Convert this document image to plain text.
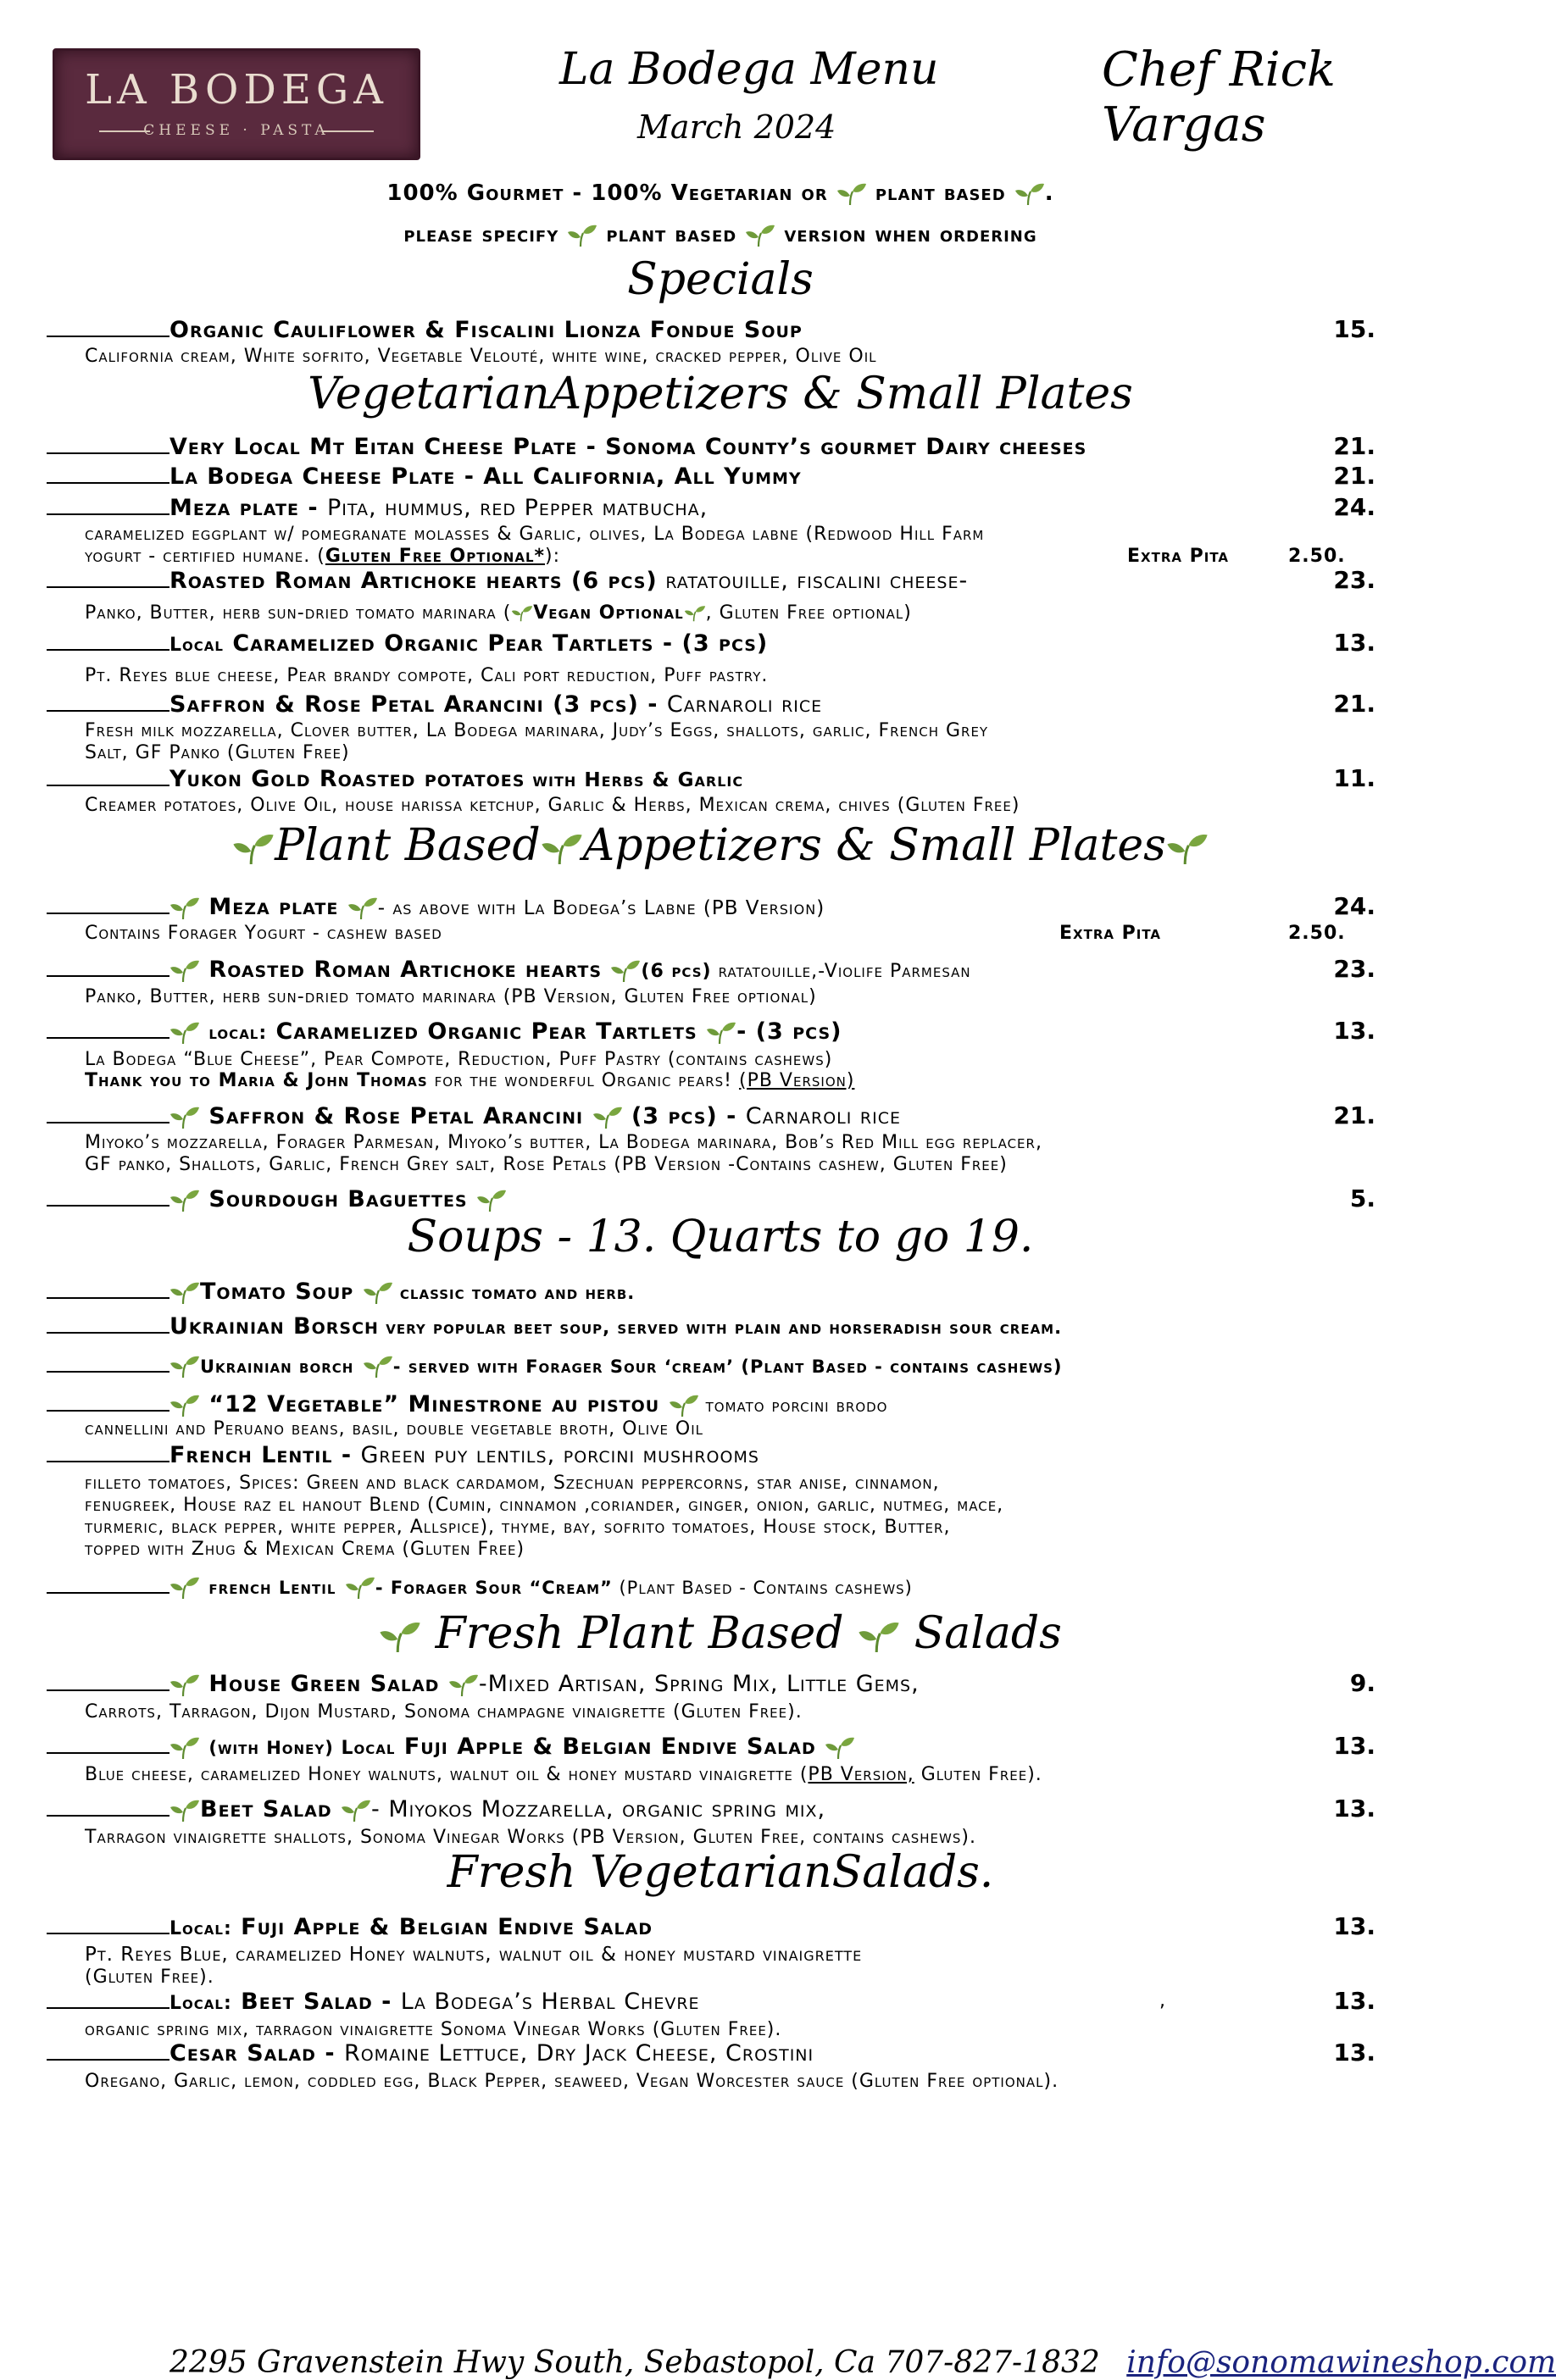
LA BODEGA
CHEESE · PASTA
La Bodega Menu
March 2024
Chef Rick Vargas
100% Gourmet - 100% Vegetarian or plant based .
please specify plant based version when ordering
Specials
Organic Cauliflower & Fiscalini Lionza Fondue Soup	15.
California cream, White sofrito, Vegetable Velouté, white wine, cracked pepper, Olive Oil
VegetarianAppetizers & Small Plates
Very Local Mt Eitan Cheese Plate - Sonoma County’s gourmet Dairy cheeses	21.
La Bodega Cheese Plate - All California, All Yummy	21.
Meza plate - Pita, hummus, red Pepper matbucha,	24.
caramelized eggplant w/ pomegranate molasses & Garlic, olives, La Bodega labne (Redwood Hill Farm
yogurt - certified humane. (Gluten Free Optional*):	Extra Pita	2.50.
Roasted Roman Artichoke hearts (6 pcs) ratatouille, fiscalini cheese-	23.
Panko, Butter, herb sun-dried tomato marinara ( Vegan Optional , Gluten Free optional)
Local Caramelized Organic Pear Tartlets - (3 pcs)	13.
Pt. Reyes blue cheese, Pear brandy compote, Cali port reduction, Puff pastry.
Saffron & Rose Petal Arancini (3 pcs) - Carnaroli rice	21.
Fresh milk mozzarella, Clover butter, La Bodega marinara, Judy’s Eggs, shallots, garlic, French Grey
Salt, GF Panko (Gluten Free)
Yukon Gold Roasted potatoes with Herbs & Garlic	11.
Creamer potatoes, Olive Oil, house harissa ketchup, Garlic & Herbs, Mexican crema, chives (Gluten Free)
Plant Based Appetizers & Small Plates
Meza plate - as above with La Bodega’s Labne (PB Version)	24.
Contains Forager Yogurt - cashew based	Extra Pita	2.50.
Roasted Roman Artichoke hearts (6 pcs) ratatouille,-Violife Parmesan	23.
Panko, Butter, herb sun-dried tomato marinara (PB Version, Gluten Free optional)
local: Caramelized Organic Pear Tartlets - (3 pcs)	13.
La Bodega “Blue Cheese”, Pear Compote, Reduction, Puff Pastry (contains cashews)
Thank you to Maria & John Thomas for the wonderful Organic pears! (PB Version)
Saffron & Rose Petal Arancini (3 pcs) - Carnaroli rice	21.
Miyoko’s mozzarella, Forager Parmesan, Miyoko’s butter, La Bodega marinara, Bob’s Red Mill egg replacer,
GF panko, Shallots, Garlic, French Grey salt, Rose Petals (PB Version -Contains cashew, Gluten Free)
Sourdough Baguettes	5.
Soups - 13. Quarts to go 19.
Tomato Soup  classic tomato and herb.
Ukrainian Borsch very popular beet soup, served with plain and horseradish sour cream.
Ukrainian borch - served with Forager Sour ‘cream’ (Plant Based - contains cashews)
“12 Vegetable” Minestrone au pistou  tomato porcini brodo
cannellini and Peruano beans, basil, double vegetable broth, Olive Oil
French Lentil - Green puy lentils, porcini mushrooms
filleto tomatoes, Spices: Green and black cardamom, Szechuan peppercorns, star anise, cinnamon,
fenugreek, House raz el hanout Blend (Cumin, cinnamon ,coriander, ginger, onion, garlic, nutmeg, mace,
turmeric, black pepper, white pepper, Allspice), thyme, bay, sofrito tomatoes, House stock, Butter,
topped with Zhug & Mexican Crema (Gluten Free)
french Lentil - Forager Sour “Cream” (Plant Based - Contains cashews)
Fresh Plant Based Salads
House Green Salad -Mixed Artisan, Spring Mix, Little Gems,	9.
Carrots, Tarragon, Dijon Mustard, Sonoma champagne vinaigrette (Gluten Free).
(with Honey) Local Fuji Apple & Belgian Endive Salad	13.
Blue cheese, caramelized Honey walnuts, walnut oil & honey mustard vinaigrette (PB Version, Gluten Free).
Beet Salad - Miyokos Mozzarella, organic spring mix,	13.
Tarragon vinaigrette shallots, Sonoma Vinegar Works (PB Version, Gluten Free, contains cashews).
Fresh VegetarianSalads.
Local: Fuji Apple & Belgian Endive Salad	13.
Pt. Reyes Blue, caramelized Honey walnuts, walnut oil & honey mustard vinaigrette
(Gluten Free).
Local: Beet Salad - La Bodega’s Herbal Chevre	,	13.
organic spring mix, tarragon vinaigrette Sonoma Vinegar Works (Gluten Free).
Cesar Salad - Romaine Lettuce, Dry Jack Cheese, Crostini	13.
Oregano, Garlic, lemon, coddled egg, Black Pepper, seaweed, Vegan Worcester sauce (Gluten Free optional).
2295 Gravenstein Hwy South, Sebastopol, Ca 707-827-1832 info@sonomawineshop.com
